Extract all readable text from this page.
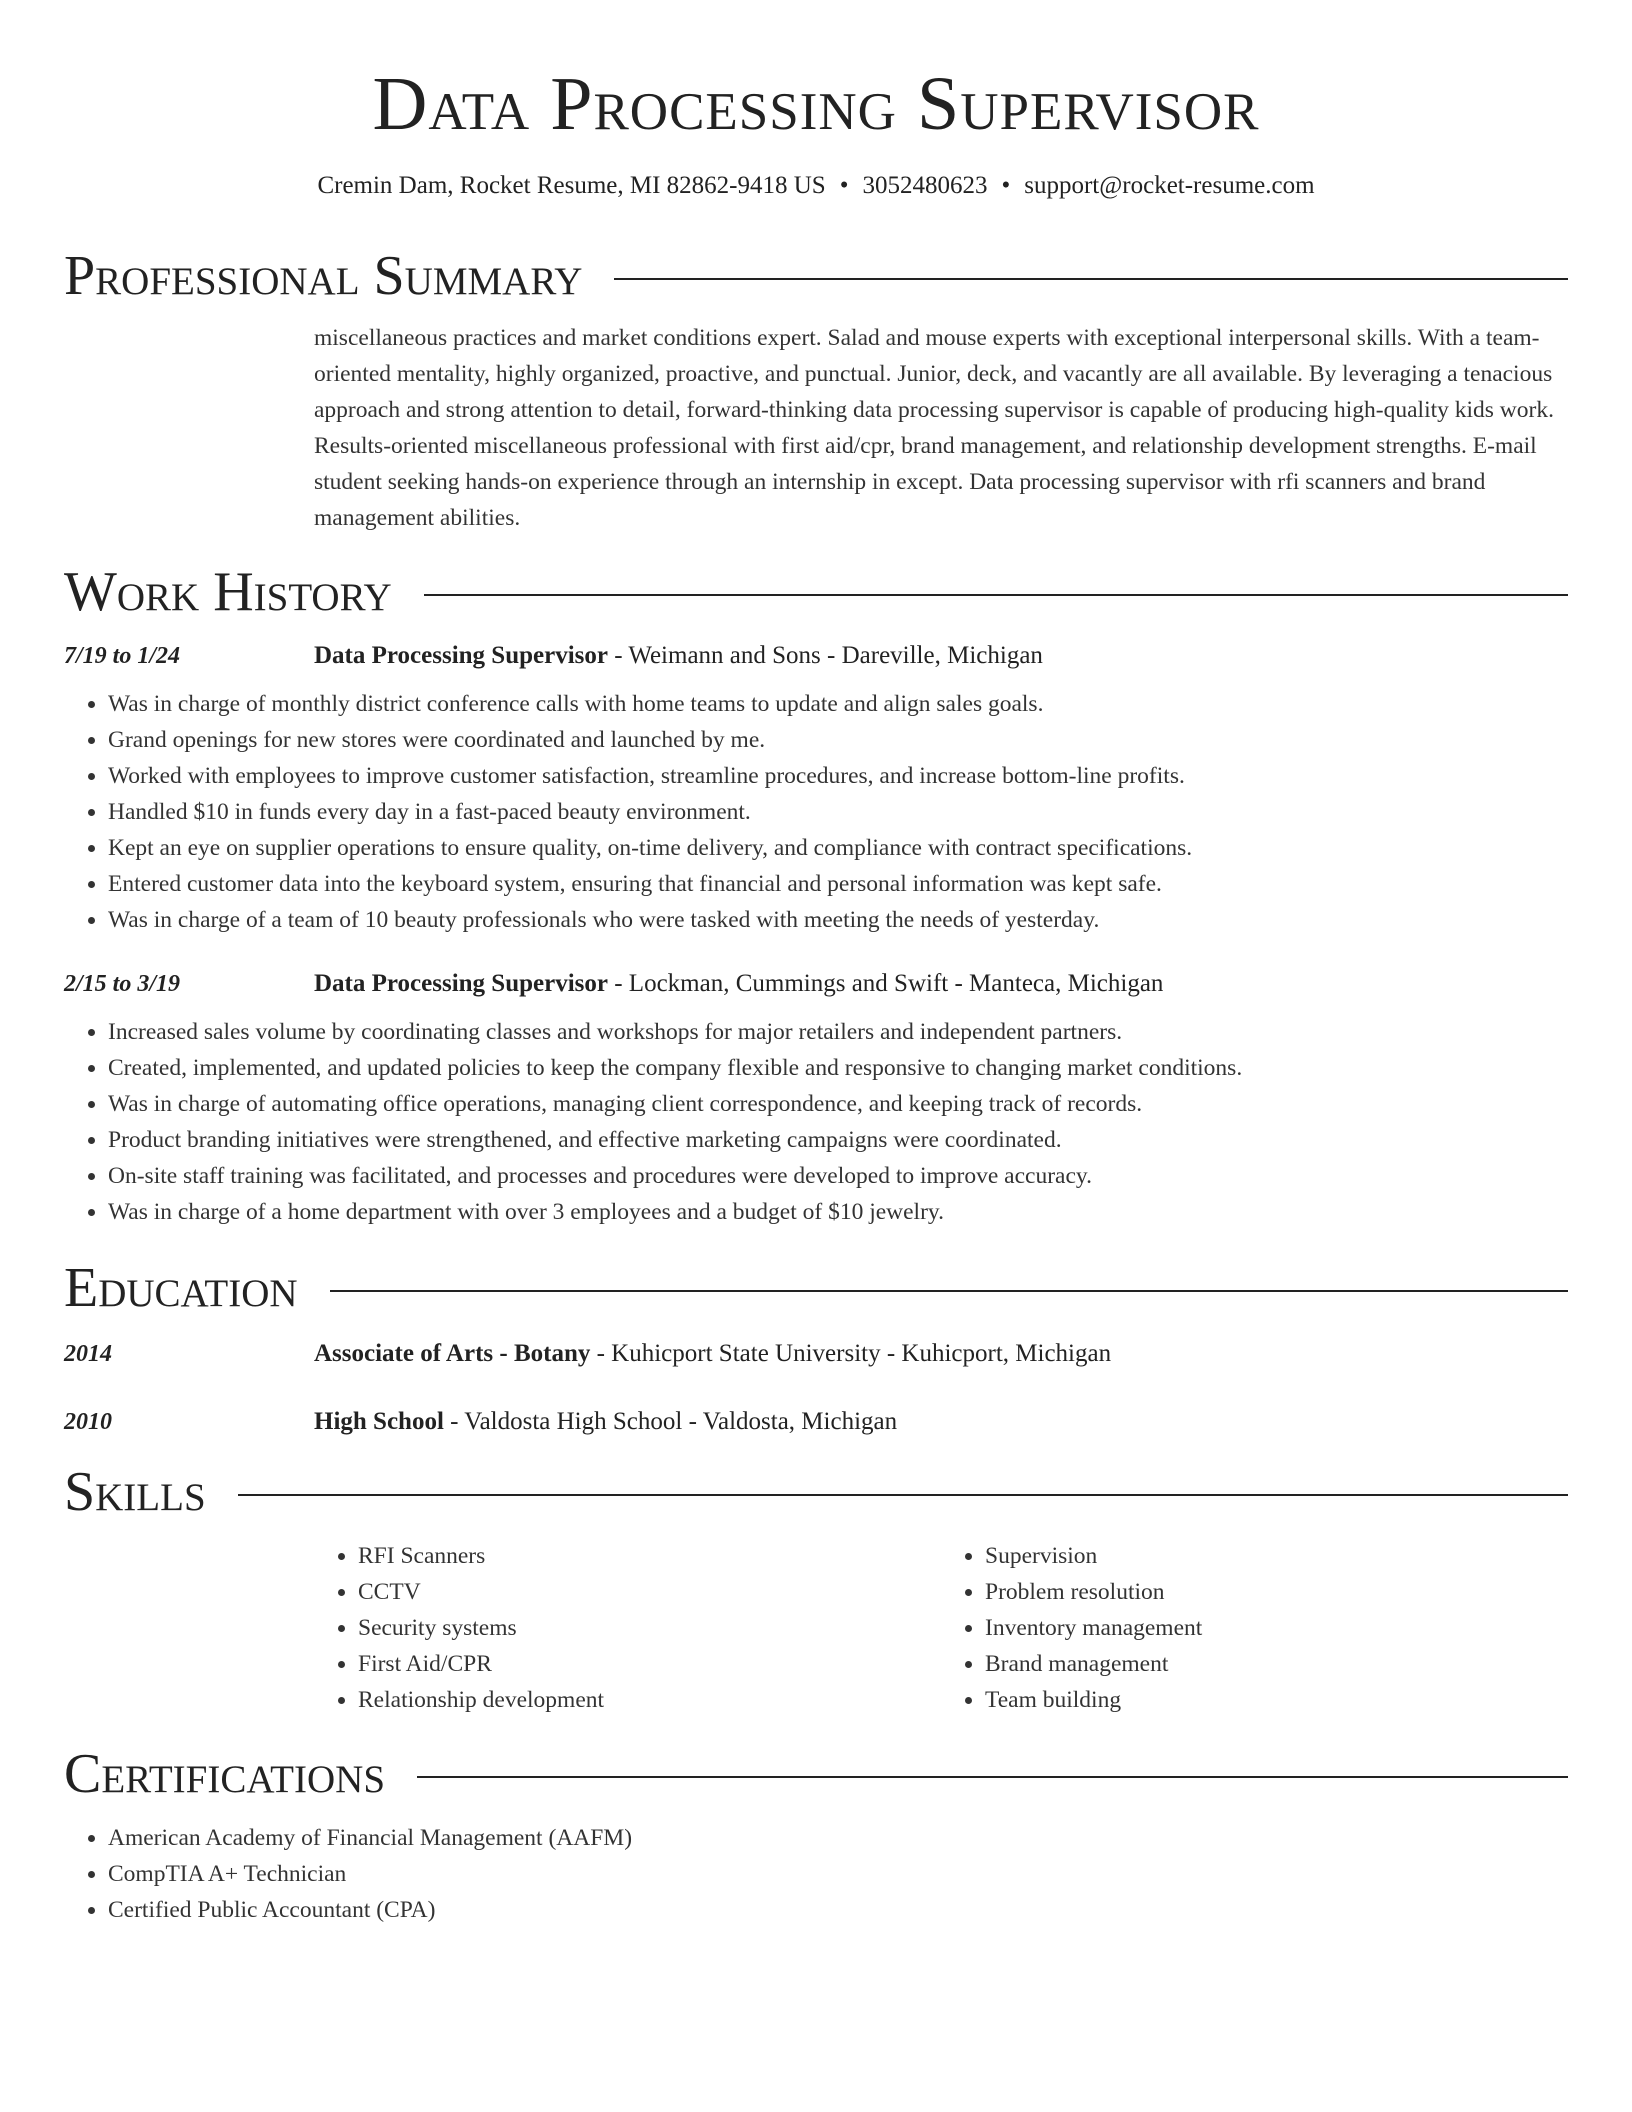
Data Processing Supervisor
Cremin Dam, Rocket Resume, MI 82862-9418 US • 3052480623 • support@rocket-resume.com
Professional Summary
miscellaneous practices and market conditions expert. Salad and mouse experts with exceptional interpersonal skills. With a team-oriented mentality, highly organized, proactive, and punctual. Junior, deck, and vacantly are all available. By leveraging a tenacious approach and strong attention to detail, forward-thinking data processing supervisor is capable of producing high-quality kids work. Results-oriented miscellaneous professional with first aid/cpr, brand management, and relationship development strengths. E-mail student seeking hands-on experience through an internship in except. Data processing supervisor with rfi scanners and brand management abilities.
Work History
7/19 to 1/24	Data Processing Supervisor - Weimann and Sons - Dareville, Michigan
• Was in charge of monthly district conference calls with home teams to update and align sales goals.
• Grand openings for new stores were coordinated and launched by me.
• Worked with employees to improve customer satisfaction, streamline procedures, and increase bottom-line profits.
• Handled $10 in funds every day in a fast-paced beauty environment.
• Kept an eye on supplier operations to ensure quality, on-time delivery, and compliance with contract specifications.
• Entered customer data into the keyboard system, ensuring that financial and personal information was kept safe.
• Was in charge of a team of 10 beauty professionals who were tasked with meeting the needs of yesterday.
2/15 to 3/19	Data Processing Supervisor - Lockman, Cummings and Swift - Manteca, Michigan
• Increased sales volume by coordinating classes and workshops for major retailers and independent partners.
• Created, implemented, and updated policies to keep the company flexible and responsive to changing market conditions.
• Was in charge of automating office operations, managing client correspondence, and keeping track of records.
• Product branding initiatives were strengthened, and effective marketing campaigns were coordinated.
• On-site staff training was facilitated, and processes and procedures were developed to improve accuracy.
• Was in charge of a home department with over 3 employees and a budget of $10 jewelry.
Education
2014	Associate of Arts - Botany - Kuhicport State University - Kuhicport, Michigan
2010	High School - Valdosta High School - Valdosta, Michigan
Skills
• RFI Scanners
• CCTV
• Security systems
• First Aid/CPR
• Relationship development
• Supervision
• Problem resolution
• Inventory management
• Brand management
• Team building
Certifications
• American Academy of Financial Management (AAFM)
• CompTIA A+ Technician
• Certified Public Accountant (CPA)
